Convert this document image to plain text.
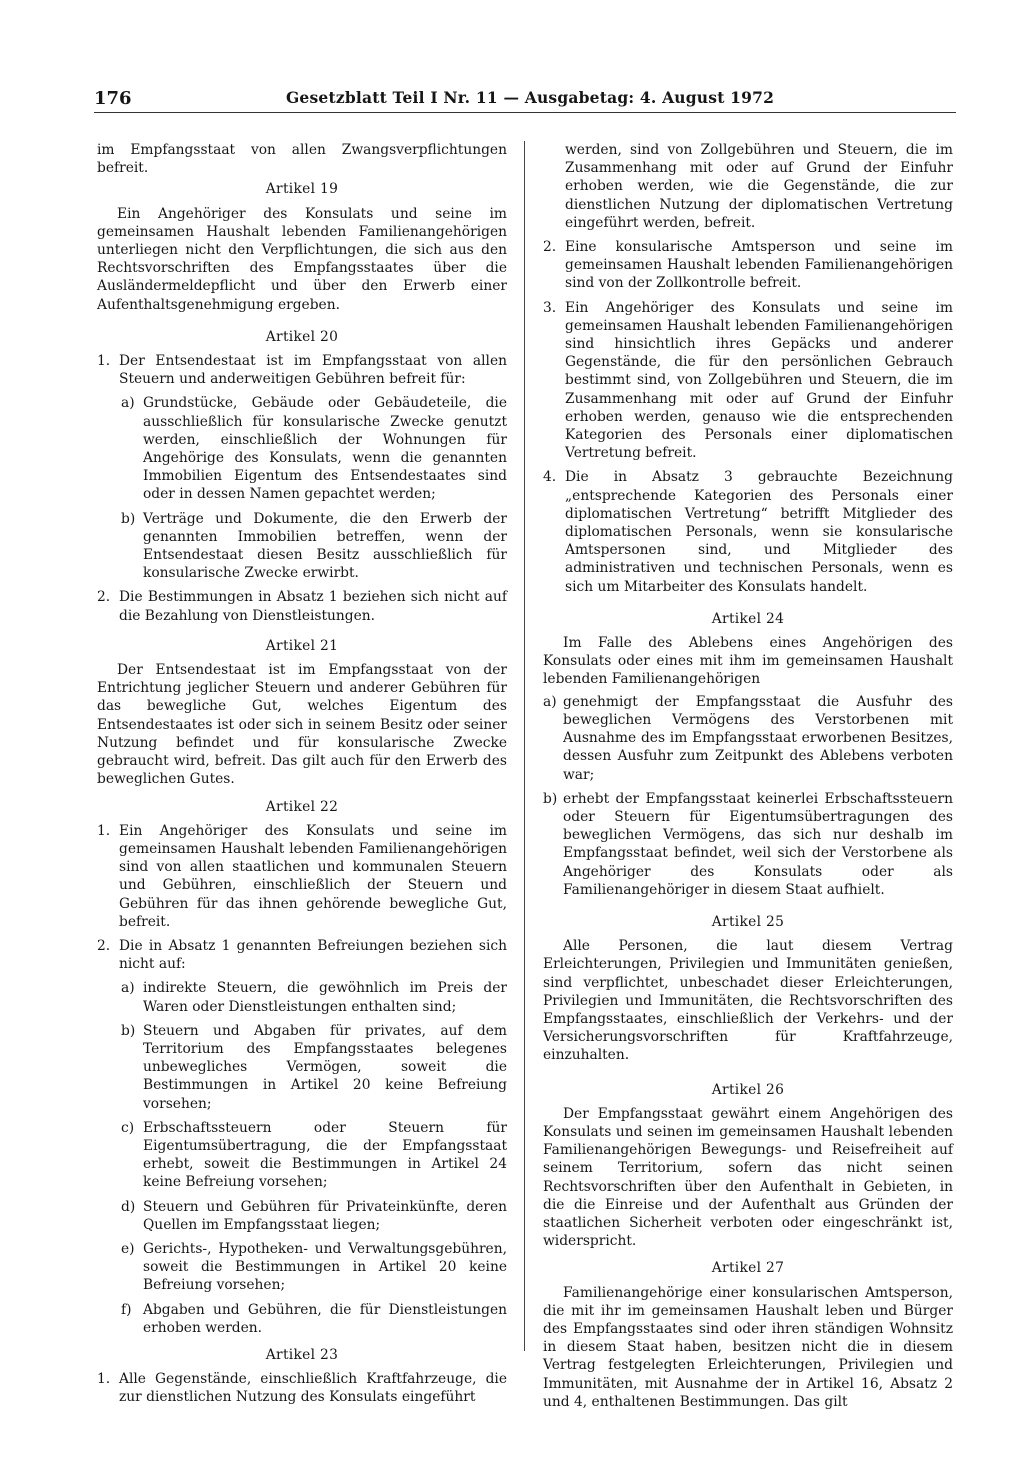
176	Gesetzblatt Teil I Nr. 11 — Ausgabetag: 4. August 1972

im Empfangsstaat von allen Zwangsverpflichtungen befreit.

Artikel 19

Ein Angehöriger des Konsulats und seine im gemeinsamen Haushalt lebenden Familienangehörigen unterliegen nicht den Verpflichtungen, die sich aus den Rechtsvorschriften des Empfangsstaates über die Ausländermeldepflicht und über den Erwerb einer Aufenthaltsgenehmigung ergeben.

Artikel 20
1. Der Entsendestaat ist im Empfangsstaat von allen Steuern und anderweitigen Gebühren befreit für:
a) Grundstücke, Gebäude oder Gebäudeteile, die ausschließlich für konsularische Zwecke genutzt werden, einschließlich der Wohnungen für Angehörige des Konsulats, wenn die genannten Immobilien Eigentum des Entsendestaates sind oder in dessen Namen gepachtet werden;
b) Verträge und Dokumente, die den Erwerb der genannten Immobilien betreffen, wenn der Entsendestaat diesen Besitz ausschließlich für konsularische Zwecke erwirbt.
2. Die Bestimmungen in Absatz 1 beziehen sich nicht auf die Bezahlung von Dienstleistungen.
Artikel 21

Der Entsendestaat ist im Empfangsstaat von der Entrichtung jeglicher Steuern und anderer Gebühren für das bewegliche Gut, welches Eigentum des Entsendestaates ist oder sich in seinem Besitz oder seiner Nutzung befindet und für konsularische Zwecke gebraucht wird, befreit. Das gilt auch für den Erwerb des beweglichen Gutes.

Artikel 22
1. Ein Angehöriger des Konsulats und seine im gemeinsamen Haushalt lebenden Familienangehörigen sind von allen staatlichen und kommunalen Steuern und Gebühren, einschließlich der Steuern und Gebühren für das ihnen gehörende bewegliche Gut, befreit.
2. Die in Absatz 1 genannten Befreiungen beziehen sich nicht auf:
a) indirekte Steuern, die gewöhnlich im Preis der Waren oder Dienstleistungen enthalten sind;
b) Steuern und Abgaben für privates, auf dem Territorium des Empfangsstaates belegenes unbewegliches Vermögen, soweit die Bestimmungen in Artikel 20 keine Befreiung vorsehen;
c) Erbschaftssteuern oder Steuern für Eigentumsübertragung, die der Empfangsstaat erhebt, soweit die Bestimmungen in Artikel 24 keine Befreiung vorsehen;
d) Steuern und Gebühren für Privateinkünfte, deren Quellen im Empfangsstaat liegen;
e) Gerichts-, Hypotheken- und Verwaltungsgebühren, soweit die Bestimmungen in Artikel 20 keine Befreiung vorsehen;
f) Abgaben und Gebühren, die für Dienstleistungen erhoben werden.
Artikel 23
1. Alle Gegenstände, einschließlich Kraftfahrzeuge, die zur dienstlichen Nutzung des Konsulats eingeführt

werden, sind von Zollgebühren und Steuern, die im Zusammenhang mit oder auf Grund der Einfuhr erhoben werden, wie die Gegenstände, die zur dienstlichen Nutzung der diplomatischen Vertretung eingeführt werden, befreit.

2. Eine konsularische Amtsperson und seine im gemeinsamen Haushalt lebenden Familienangehörigen sind von der Zollkontrolle befreit.
3. Ein Angehöriger des Konsulats und seine im gemeinsamen Haushalt lebenden Familienangehörigen sind hinsichtlich ihres Gepäcks und anderer Gegenstände, die für den persönlichen Gebrauch bestimmt sind, von Zollgebühren und Steuern, die im Zusammenhang mit oder auf Grund der Einfuhr erhoben werden, genauso wie die entsprechenden Kategorien des Personals einer diplomatischen Vertretung befreit.
4. Die in Absatz 3 gebrauchte Bezeichnung „entsprechende Kategorien des Personals einer diplomatischen Vertretung“ betrifft Mitglieder des diplomatischen Personals, wenn sie konsularische Amtspersonen sind, und Mitglieder des administrativen und technischen Personals, wenn es sich um Mitarbeiter des Konsulats handelt.
Artikel 24

Im Falle des Ablebens eines Angehörigen des Konsulats oder eines mit ihm im gemeinsamen Haushalt lebenden Familienangehörigen

a) genehmigt der Empfangsstaat die Ausfuhr des beweglichen Vermögens des Verstorbenen mit Ausnahme des im Empfangsstaat erworbenen Besitzes, dessen Ausfuhr zum Zeitpunkt des Ablebens verboten war;
b) erhebt der Empfangsstaat keinerlei Erbschaftssteuern oder Steuern für Eigentumsübertragungen des beweglichen Vermögens, das sich nur deshalb im Empfangsstaat befindet, weil sich der Verstorbene als Angehöriger des Konsulats oder als Familienangehöriger in diesem Staat aufhielt.
Artikel 25

Alle Personen, die laut diesem Vertrag Erleichterungen, Privilegien und Immunitäten genießen, sind verpflichtet, unbeschadet dieser Erleichterungen, Privilegien und Immunitäten, die Rechtsvorschriften des Empfangsstaates, einschließlich der Verkehrs- und der Versicherungsvorschriften für Kraftfahrzeuge, einzuhalten.

Artikel 26

Der Empfangsstaat gewährt einem Angehörigen des Konsulats und seinen im gemeinsamen Haushalt lebenden Familienangehörigen Bewegungs- und Reisefreiheit auf seinem Territorium, sofern das nicht seinen Rechtsvorschriften über den Aufenthalt in Gebieten, in die die Einreise und der Aufenthalt aus Gründen der staatlichen Sicherheit verboten oder eingeschränkt ist, widerspricht.

Artikel 27

Familienangehörige einer konsularischen Amtsperson, die mit ihr im gemeinsamen Haushalt leben und Bürger des Empfangsstaates sind oder ihren ständigen Wohnsitz in diesem Staat haben, besitzen nicht die in diesem Vertrag festgelegten Erleichterungen, Privilegien und Immunitäten, mit Ausnahme der in Artikel 16, Absatz 2 und 4, enthaltenen Bestimmungen. Das gilt
